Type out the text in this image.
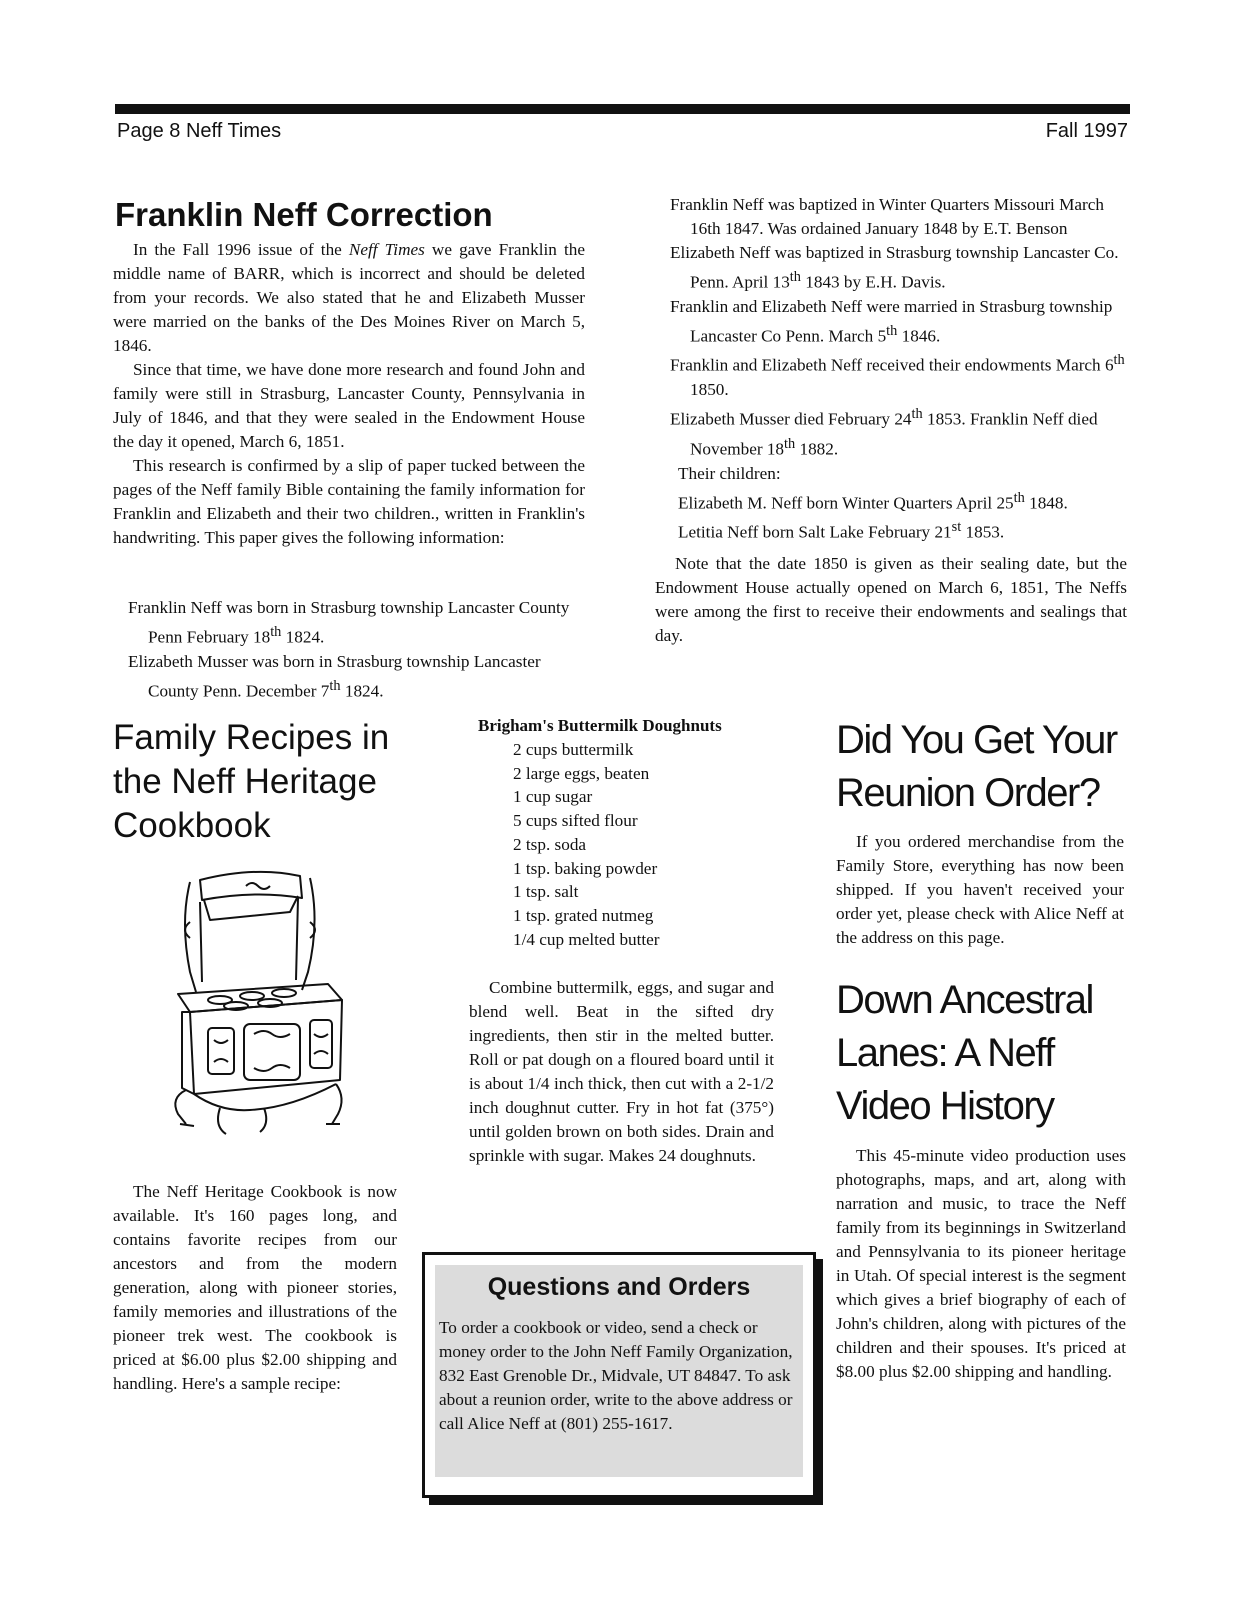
Page 8 Neff Times	Fall 1997
Franklin Neff Correction

In the Fall 1996 issue of the Neff Times we gave Franklin the middle name of BARR, which is incorrect and should be deleted from your records. We also stated that he and Elizabeth Musser were married on the banks of the Des Moines River on March 5, 1846.

Since that time, we have done more research and found John and family were still in Strasburg, Lancaster County, Pennsylvania in July of 1846, and that they were sealed in the Endowment House the day it opened, March 6, 1851.

This research is confirmed by a slip of paper tucked between the pages of the Neff family Bible containing the family information for Franklin and Elizabeth and their two children., written in Franklin's handwriting. This paper gives the following information:

Franklin Neff was born in Strasburg township Lancaster County Penn February 18th 1824.

Elizabeth Musser was born in Strasburg township Lancaster County Penn. December 7th 1824.

Franklin Neff was baptized in Winter Quarters Missouri March 16th 1847. Was ordained January 1848 by E.T. Benson

Elizabeth Neff was baptized in Strasburg township Lancaster Co. Penn. April 13th 1843 by E.H. Davis.

Franklin and Elizabeth Neff were married in Strasburg township Lancaster Co Penn. March 5th 1846.

Franklin and Elizabeth Neff received their endowments March 6th 1850.

Elizabeth Musser died February 24th 1853. Franklin Neff died November 18th 1882.

Their children:

Elizabeth M. Neff born Winter Quarters April 25th 1848.

Letitia Neff born Salt Lake February 21st 1853.

Note that the date 1850 is given as their sealing date, but the Endowment House actually opened on March 6, 1851, The Neffs were among the first to receive their endowments and sealings that day.
Family Recipes in the Neff Heritage Cookbook

The Neff Heritage Cookbook is now available. It's 160 pages long, and contains favorite recipes from our ancestors and from the modern generation, along with pioneer stories, family memories and illustrations of the pioneer trek west. The cookbook is priced at $6.00 plus $2.00 shipping and handling. Here's a sample recipe:

Brigham's Buttermilk Doughnuts
2 cups buttermilk
2 large eggs, beaten
1 cup sugar
5 cups sifted flour
2 tsp. soda
1 tsp. baking powder
1 tsp. salt
1 tsp. grated nutmeg
1/4 cup melted butter

Combine buttermilk, eggs, and sugar and blend well. Beat in the sifted dry ingredients, then stir in the melted butter. Roll or pat dough on a floured board until it is about 1/4 inch thick, then cut with a 2-1/2 inch doughnut cutter. Fry in hot fat (375°) until golden brown on both sides. Drain and sprinkle with sugar. Makes 24 doughnuts.

Questions and Orders

To order a cookbook or video, send a check or money order to the John Neff Family Organization, 832 East Grenoble Dr., Midvale, UT 84847. To ask about a reunion order, write to the above address or call Alice Neff at (801) 255-1617.

Did You Get Your Reunion Order?

If you ordered merchandise from the Family Store, everything has now been shipped. If you haven't received your order yet, please check with Alice Neff at the address on this page.

Down Ancestral Lanes: A Neff Video History

This 45-minute video production uses photographs, maps, and art, along with narration and music, to trace the Neff family from its beginnings in Switzerland and Pennsylvania to its pioneer heritage in Utah. Of special interest is the segment which gives a brief biography of each of John's children, along with pictures of the children and their spouses. It's priced at $8.00 plus $2.00 shipping and handling.
